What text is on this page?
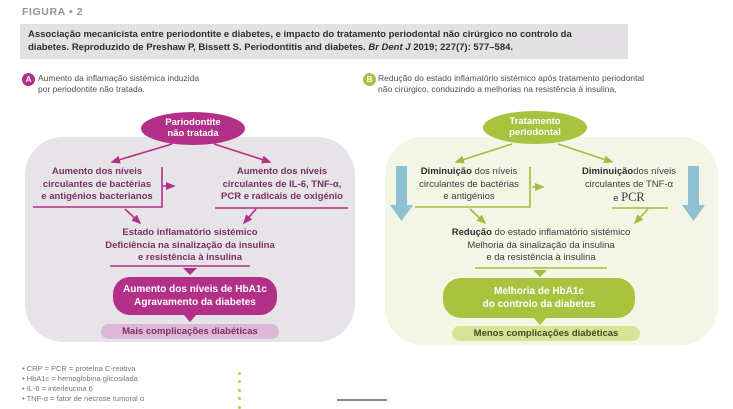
FIGURA • 2
Associação mecanicista entre periodontite e diabetes, e impacto do tratamento periodontal não cirúrgico no controlo da
diabetes. Reproduzido de Preshaw P, Bissett S. Periodontitis and diabetes. Br Dent J 2019; 227(7): 577–584.
A Aumento da inflamação sistémica induzida
por periodontite não tratada.
B Redução do estado inflamatório sistémico após tratamento periodontal
não cirúrgico, conduzindo a melhorias na resistência à insulina,
Pariodontite
não tratada
Aumento dos níveis
circulantes de bactérias
e antigénios bacterianos
Aumento dos níveis
circulantes de IL-6, TNF-α,
PCR e radicais de oxigénio
Estado inflamatório sistémico
Deficiência na sinalização da insulina
e resistência à insulina
Aumento dos níveis de HbA1c
Agravamento da diabetes
Mais complicações diabéticas
Tratamento
periodontal
Diminuição dos níveis
circulantes de bactérias
e antigénios
Diminuiçãodos níveis
circulantes de TNF-α
e PCR
Redução do estado inflamatório sistémico
Melhoria da sinalização da insulina
e da resistência à insulina
Melhoria de HbA1c
do controlo da diabetes
Menos complicações diabéticas
• CRP = PCR = proteína C-reativa
• HbA1c = hemoglobina glicosilada
• IL-6 = interleucina 6
• TNF-α = fator de necrose tumoral α
